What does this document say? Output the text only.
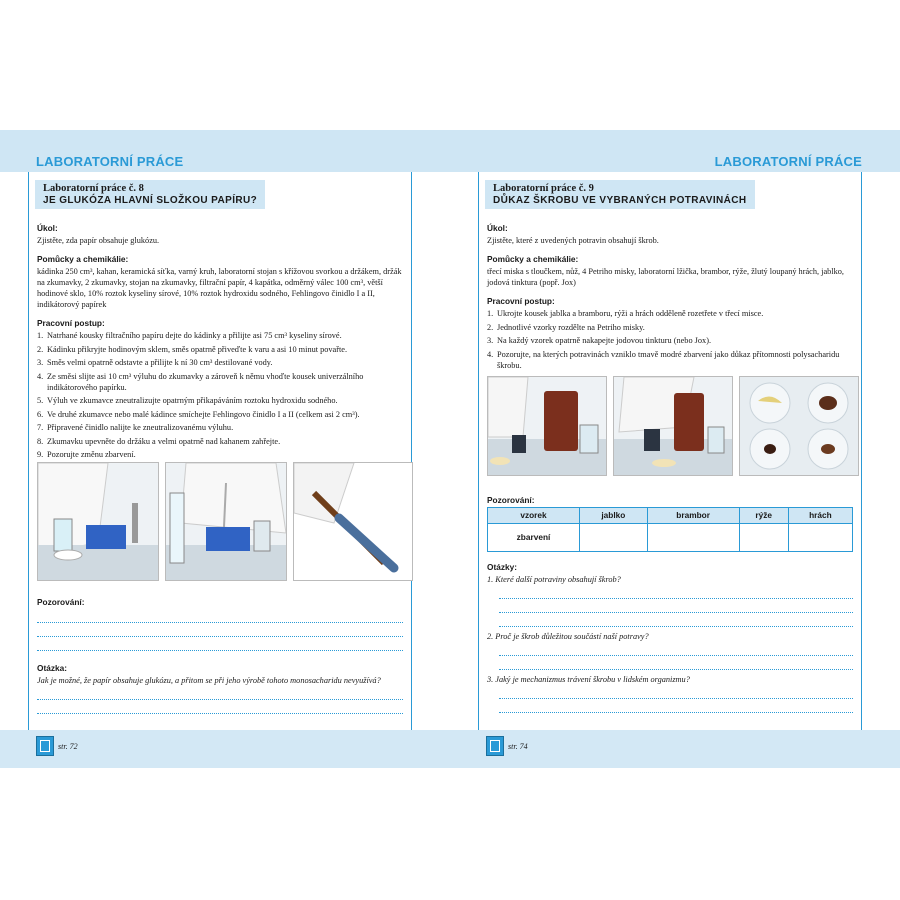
LABORATORNÍ PRÁCE	LABORATORNÍ PRÁCE
Laboratorní práce č. 8
JE GLUKÓZA HLAVNÍ SLOŽKOU PAPÍRU?
Úkol:

Zjistěte, zda papír obsahuje glukózu.

Pomůcky a chemikálie:

kádinka 250 cm³, kahan, keramická síťka, varný kruh, laboratorní stojan s křížovou svorkou a držákem, držák na zkumavky, 2 zkumavky, stojan na zkumavky, filtrační papír, 4 kapátka, odměrný válec 100 cm³, větší hodinové sklo, 10% roztok kyseliny sírové, 10% roztok hydroxidu sodného, Fehlingovo činidlo I a II, indikátorový papírek

Pracovní postup:
1. Natrhané kousky filtračního papíru dejte do kádinky a přilijte asi 75 cm³ kyseliny sírové.
2. Kádinku přikryjte hodinovým sklem, směs opatrně přiveďte k varu a asi 10 minut povařte.
3. Směs velmi opatrně odstavte a přilijte k ní 30 cm³ destilované vody.
4. Ze směsi slijte asi 10 cm³ výluhu do zkumavky a zároveň k němu vhoďte kousek univerzálního indikátorového papírku.
5. Výluh ve zkumavce zneutralizujte opatrným přikapáváním roztoku hydroxidu sodného.
6. Ve druhé zkumavce nebo malé kádince smíchejte Fehlingovo činidlo I a II (celkem asi 2 cm³).
7. Připravené činidlo nalijte ke zneutralizovanému výluhu.
8. Zkumavku upevněte do držáku a velmi opatrně nad kahanem zahřejte.
9. Pozorujte změnu zbarvení.
Pozorování:
Otázka:

Jak je možné, že papír obsahuje glukózu, a přitom se při jeho výrobě tohoto monosacharidu nevyužívá?

Laboratorní práce č. 9
DŮKAZ ŠKROBU VE VYBRANÝCH POTRAVINÁCH
Úkol:

Zjistěte, které z uvedených potravin obsahují škrob.

Pomůcky a chemikálie:

třecí miska s tloučkem, nůž, 4 Petriho misky, laboratorní lžička, brambor, rýže, žlutý loupaný hrách, jablko, jodová tinktura (popř. Jox)

Pracovní postup:
1. Ukrojte kousek jablka a bramboru, rýži a hrách odděleně rozetřete v třecí misce.
2. Jednotlivé vzorky rozdělte na Petriho misky.
3. Na každý vzorek opatrně nakapejte jodovou tinkturu (nebo Jox).
4. Pozorujte, na kterých potravinách vzniklo tmavě modré zbarvení jako důkaz přítomnosti polysacharidu škrobu.
Pozorování:
vzorek	jablko	brambor	rýže	hrách
zbarvení				
Otázky:

1. Které další potraviny obsahují škrob?

2. Proč je škrob důležitou součástí naší potravy?

3. Jaký je mechanizmus trávení škrobu v lidském organizmu?

str. 72	str. 74
